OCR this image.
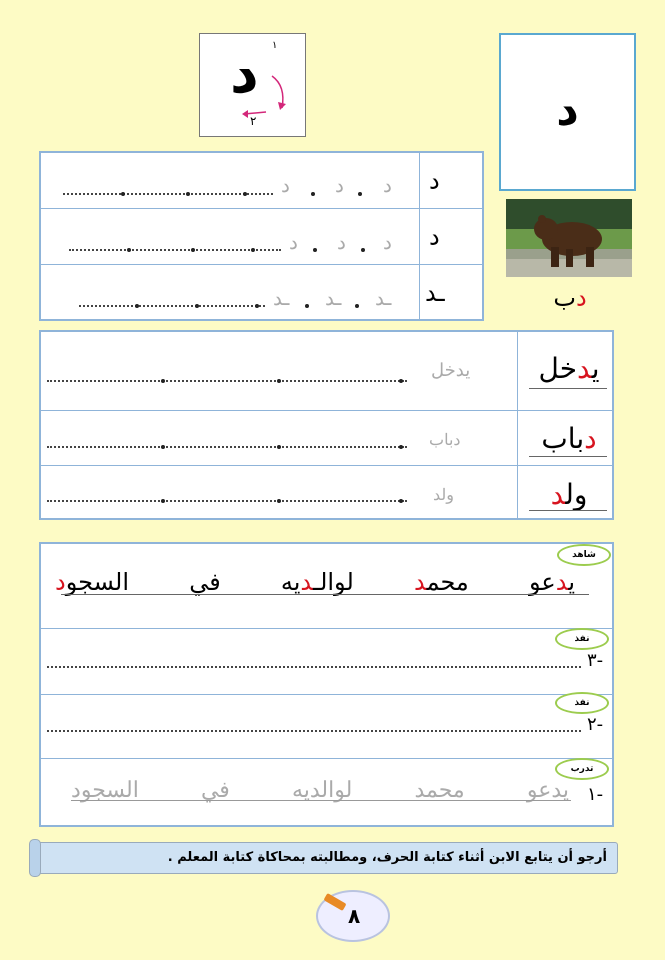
١
د
٢	د
دب
د
د
د
د
د
د
د
د
ـد
ـد
ـد
ـد
يدخل
يدخل
دباب
دباب
ولد
ولد
شاهد
يدعو
محمد
لوالـديه
في
السجود
نفذ
٣-
نفذ
٢-
تدرب
١-
يدعو
محمد
لوالديه
في
السجود
أرجو أن يتابع الابن أثناء كتابة الحرف، ومطالبته بمحاكاة كتابة المعلم .
٨
